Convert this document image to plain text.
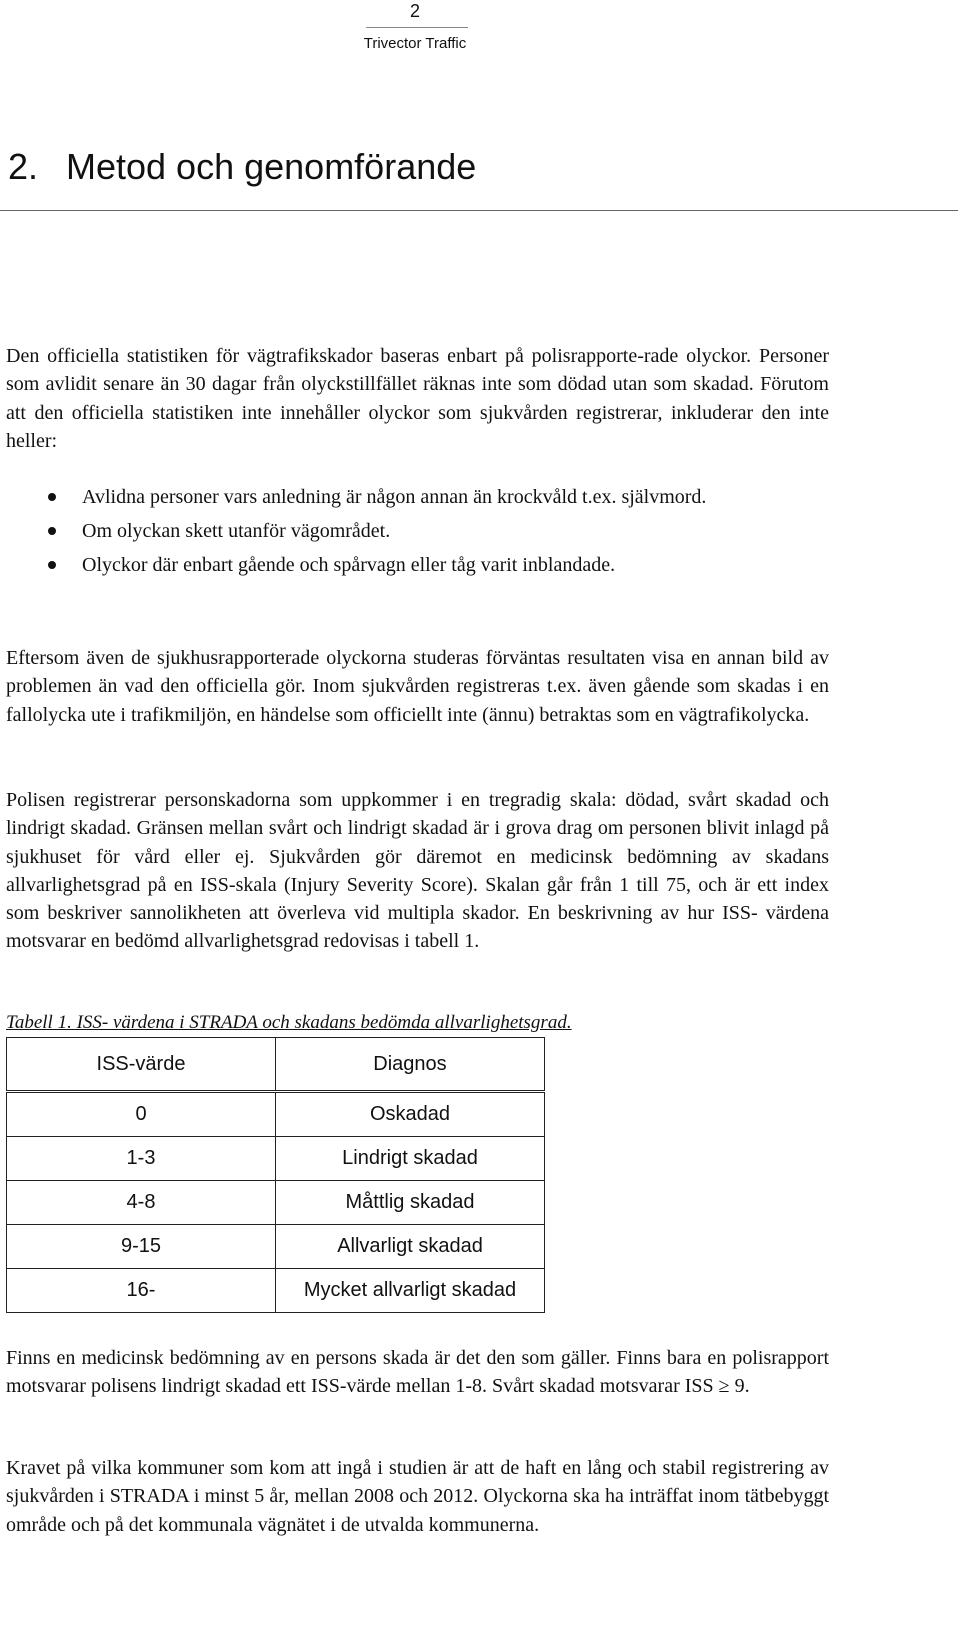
2
Trivector Traffic
2. Metod och genomförande

Den officiella statistiken för vägtrafikskador baseras enbart på polisrapporte-rade olyckor. Personer som avlidit senare än 30 dagar från olyckstillfället räknas inte som dödad utan som skadad. Förutom att den officiella statistiken inte innehåller olyckor som sjukvården registrerar, inkluderar den inte heller:

Avlidna personer vars anledning är någon annan än krockvåld t.ex. självmord.
Om olyckan skett utanför vägområdet.
Olyckor där enbart gående och spårvagn eller tåg varit inblandade.

Eftersom även de sjukhusrapporterade olyckorna studeras förväntas resultaten visa en annan bild av problemen än vad den officiella gör. Inom sjukvården registreras t.ex. även gående som skadas i en fallolycka ute i trafikmiljön, en händelse som officiellt inte (ännu) betraktas som en vägtrafikolycka.

Polisen registrerar personskadorna som uppkommer i en tregradig skala: dödad, svårt skadad och lindrigt skadad. Gränsen mellan svårt och lindrigt skadad är i grova drag om personen blivit inlagd på sjukhuset för vård eller ej. Sjukvården gör däremot en medicinsk bedömning av skadans allvarlighetsgrad på en ISS-skala (Injury Severity Score). Skalan går från 1 till 75, och är ett index som beskriver sannolikheten att överleva vid multipla skador. En beskrivning av hur ISS- värdena motsvarar en bedömd allvarlighetsgrad redovisas i tabell 1.

Tabell 1. ISS- värdena i STRADA och skadans bedömda allvarlighetsgrad.
ISS-värde	Diagnos
0	Oskadad
1-3	Lindrigt skadad
4-8	Måttlig skadad
9-15	Allvarligt skadad
16-	Mycket allvarligt skadad

Finns en medicinsk bedömning av en persons skada är det den som gäller. Finns bara en polisrapport motsvarar polisens lindrigt skadad ett ISS-värde mellan 1-8. Svårt skadad motsvarar ISS ≥ 9.

Kravet på vilka kommuner som kom att ingå i studien är att de haft en lång och stabil registrering av sjukvården i STRADA i minst 5 år, mellan 2008 och 2012. Olyckorna ska ha inträffat inom tätbebyggt område och på det kommunala vägnätet i de utvalda kommunerna.
